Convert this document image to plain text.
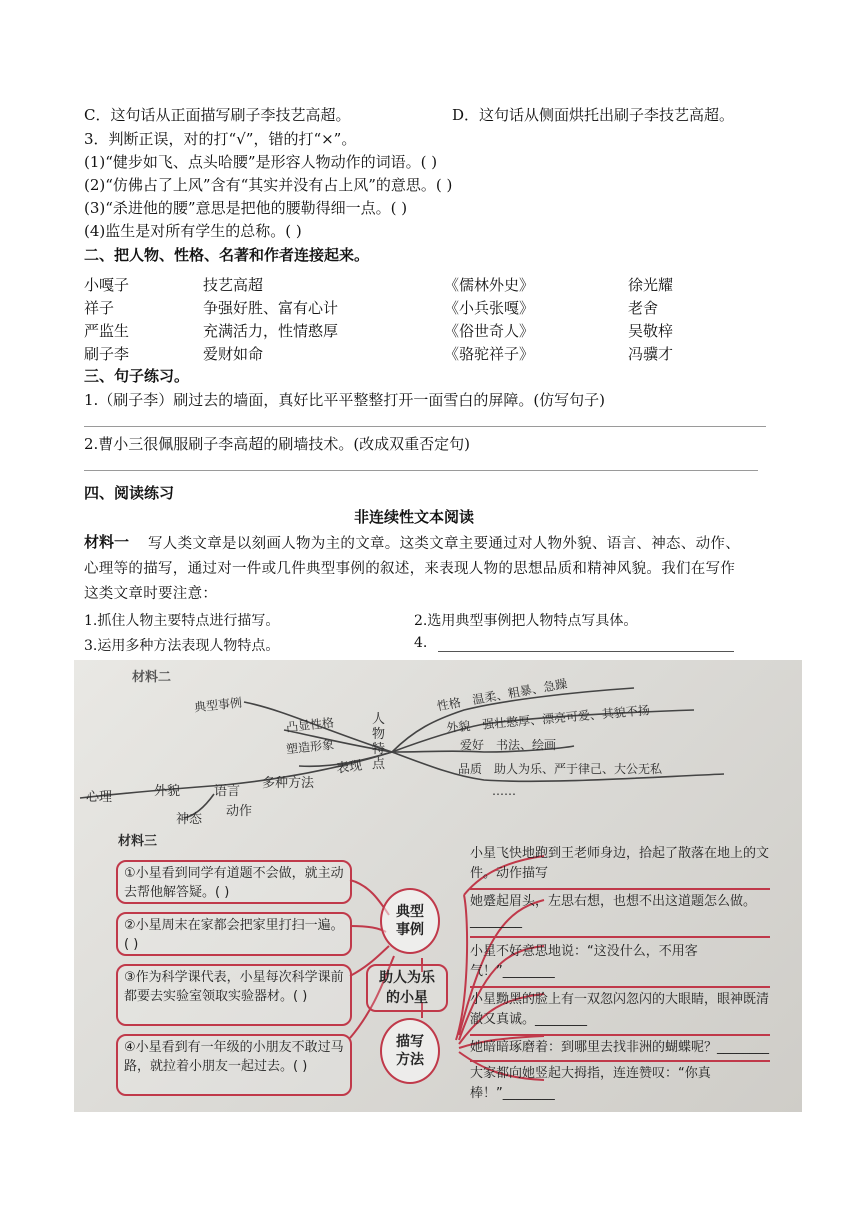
C．这句话从正面描写刷子李技艺高超。	D．这句话从侧面烘托出刷子李技艺高超。
3．判断正误，对的打“√”，错的打“×”。
(1)“健步如飞、点头哈腰”是形容人物动作的词语。( )
(2)“仿佛占了上风”含有“其实并没有占上风”的意思。( )
(3)“杀进他的腰”意思是把他的腰勒得细一点。( )
(4)监生是对所有学生的总称。( )
二、把人物、性格、名著和作者连接起来。
小嘎子	技艺高超	《儒林外史》	徐光耀
祥子	争强好胜、富有心计	《小兵张嘎》	老舍
严监生	充满活力，性情憨厚	《俗世奇人》	吴敬梓
刷子李	爱财如命	《骆驼祥子》	冯骥才
三、句子练习。
1.（刷子李）刷过去的墙面，真好比平平整整打开一面雪白的屏障。(仿写句子)
2.曹小三很佩服刷子李高超的刷墙技术。(改成双重否定句)
四、阅读练习
非连续性文本阅读
材料一 写人类文章是以刻画人物为主的文章。这类文章主要通过对人物外貌、语言、神态、动作、
心理等的描写，通过对一件或几件典型事例的叙述，来表现人物的思想品质和精神风貌。我们在写作
这类文章时要注意：
1.抓住人物主要特点进行描写。	2.选用典型事例把人物特点写具体。
3.运用多种方法表现人物特点。	4.
材料二
典型事例
凸显性格
塑造形象
表现
多种方法
心理	外貌	语言
神态
动作
人物特点
性格　 温柔、粗暴、急躁
外貌　 强壮憨厚、漂亮可爱、其貌不扬
爱好　 书法、绘画
品质　 助人为乐、严于律己、大公无私
……
材料三
①小星看到同学有道题不会做，就主动去帮他解答疑。( )
②小星周末在家都会把家里打扫一遍。( )
③作为科学课代表，小星每次科学课前都要去实验室领取实验器材。( )
④小星看到有一年级的小朋友不敢过马路，就拉着小朋友一起过去。( )
典型事例
助人为乐的小星
描写方法
小星飞快地跑到王老师身边，拾起了散落在地上的文件。动作描写
她蹙起眉头，左思右想，也想不出这道题怎么做。________
小星不好意思地说：“这没什么，不用客气！”________
小星黝黑的脸上有一双忽闪忽闪的大眼睛，眼神既清澈又真诚。________
她暗暗琢磨着：到哪里去找非洲的蝴蝶呢？________
大家都向她竖起大拇指，连连赞叹：“你真棒！”________
